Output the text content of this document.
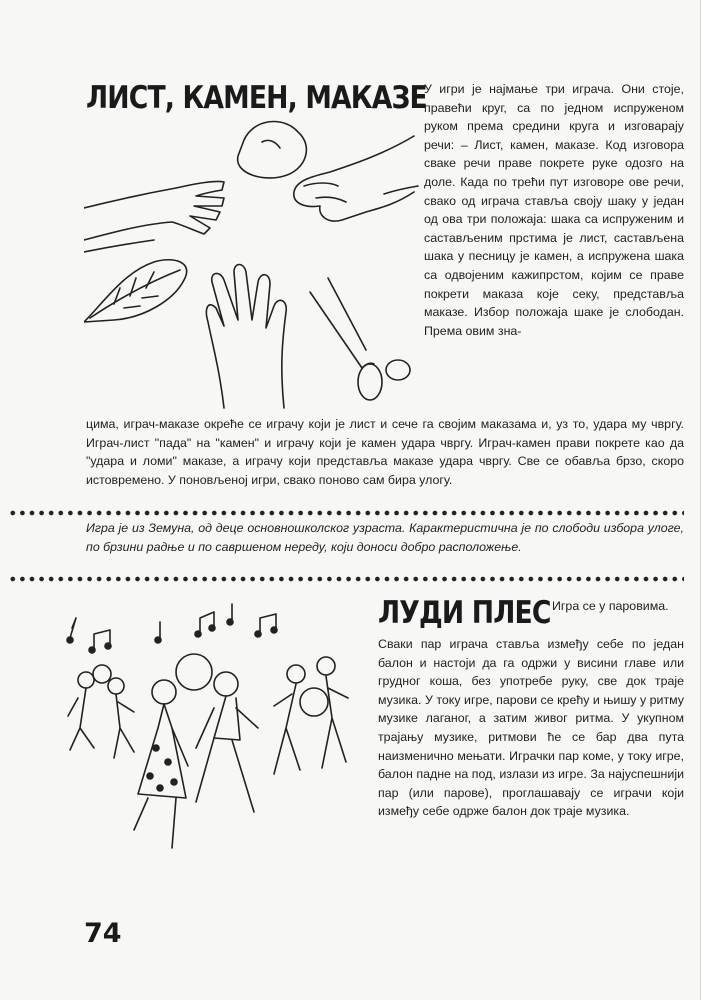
ЛИСТ, КАМЕН, МАКАЗЕ

У игри је најмање три играча. Они стоје, правећи круг, са по једном испруженом руком према средини круга и изговарају речи: – Лист, камен, маказе. Код изговора сваке речи праве покрете руке одозго на доле. Када по трећи пут изговоре ове речи, свако од играча ставља своју шаку у један од ова три положаја: шака са испруженим и састављеним прстима је лист, састављена шака у песницу је камен, а испружена шака са одвојеним кажипрстом, којим се праве покрети маказа које секу, представља маказе. Избор положаја шаке је слободан. Према овим зна-

цима, играч-маказе окреће се играчу који је лист и сече га својим маказама и, уз то, удара му чвргу. Играч-лист "пада" на "камен" и играчу који је камен удара чвргу. Играч-камен прави покрете као да "удара и ломи" маказе, а играчу који представља маказе удара чвргу. Све се обавља брзо, скоро истовремено. У поновљеној игри, свако поново сам бира улогу.

Игра је из Земуна, од деце основношколског узраста. Карактеристична је по слободи избора улоге, по брзини радње и по савршеном нереду, који доноси добро расположење.

ЛУДИ ПЛЕС Игра се у паровима.

Сваки пар играча ставља између себе по један балон и настоји да га одржи у висини главе или грудног коша, без употребе руку, све док траје музика. У току игре, парови се крећу и њишу у ритму музике лаганог, а затим живог ритма. У укупном трајању музике, ритмови ће се бар два пута наизменично мењати. Играчки пар коме, у току игре, балон падне на под, излази из игре. За најуспешнији пар (или парове), проглашавају се играчи који између себе одрже балон док траје музика.

74
